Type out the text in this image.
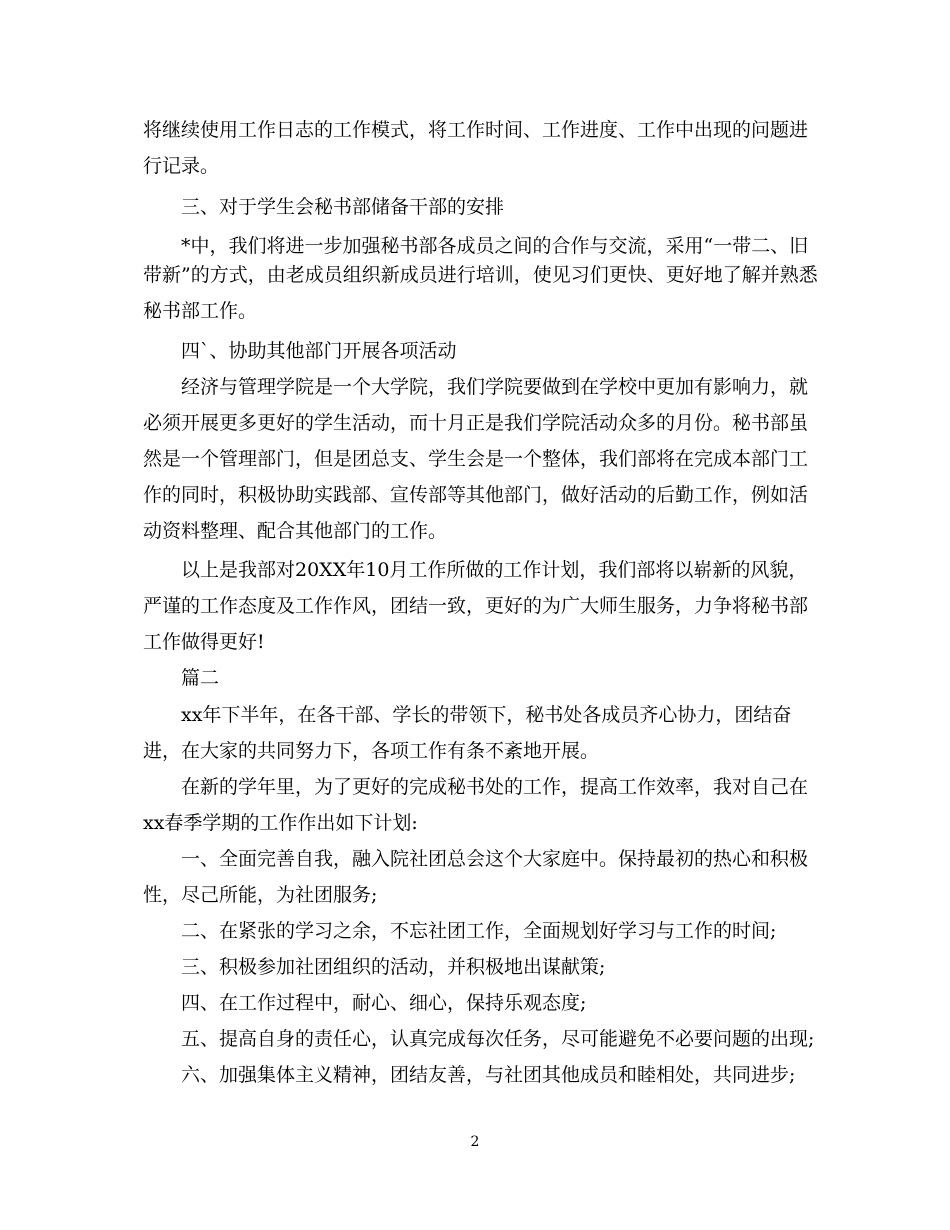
将继续使用工作日志的工作模式，将工作时间、工作进度、工作中出现的问题进
行记录。
三、对于学生会秘书部储备干部的安排
*中，我们将进一步加强秘书部各成员之间的合作与交流，采用“一带二、旧
带新”的方式，由老成员组织新成员进行培训，使见习们更快、更好地了解并熟悉
秘书部工作。
四`、协助其他部门开展各项活动
经济与管理学院是一个大学院，我们学院要做到在学校中更加有影响力，就
必须开展更多更好的学生活动，而十月正是我们学院活动众多的月份。秘书部虽
然是一个管理部门，但是团总支、学生会是一个整体，我们部将在完成本部门工
作的同时，积极协助实践部、宣传部等其他部门，做好活动的后勤工作，例如活
动资料整理、配合其他部门的工作。
以上是我部对20XX年10月工作所做的工作计划，我们部将以崭新的风貌，
严谨的工作态度及工作作风，团结一致，更好的为广大师生服务，力争将秘书部
工作做得更好!
篇二
xx年下半年，在各干部、学长的带领下，秘书处各成员齐心协力，团结奋
进，在大家的共同努力下，各项工作有条不紊地开展。
在新的学年里，为了更好的完成秘书处的工作，提高工作效率，我对自己在
xx春季学期的工作作出如下计划:
一、全面完善自我，融入院社团总会这个大家庭中。保持最初的热心和积极
性，尽己所能，为社团服务;
二、在紧张的学习之余，不忘社团工作，全面规划好学习与工作的时间;
三、积极参加社团组织的活动，并积极地出谋献策;
四、在工作过程中，耐心、细心，保持乐观态度;
五、提高自身的责任心，认真完成每次任务，尽可能避免不必要问题的出现;
六、加强集体主义精神，团结友善，与社团其他成员和睦相处，共同进步;
2
